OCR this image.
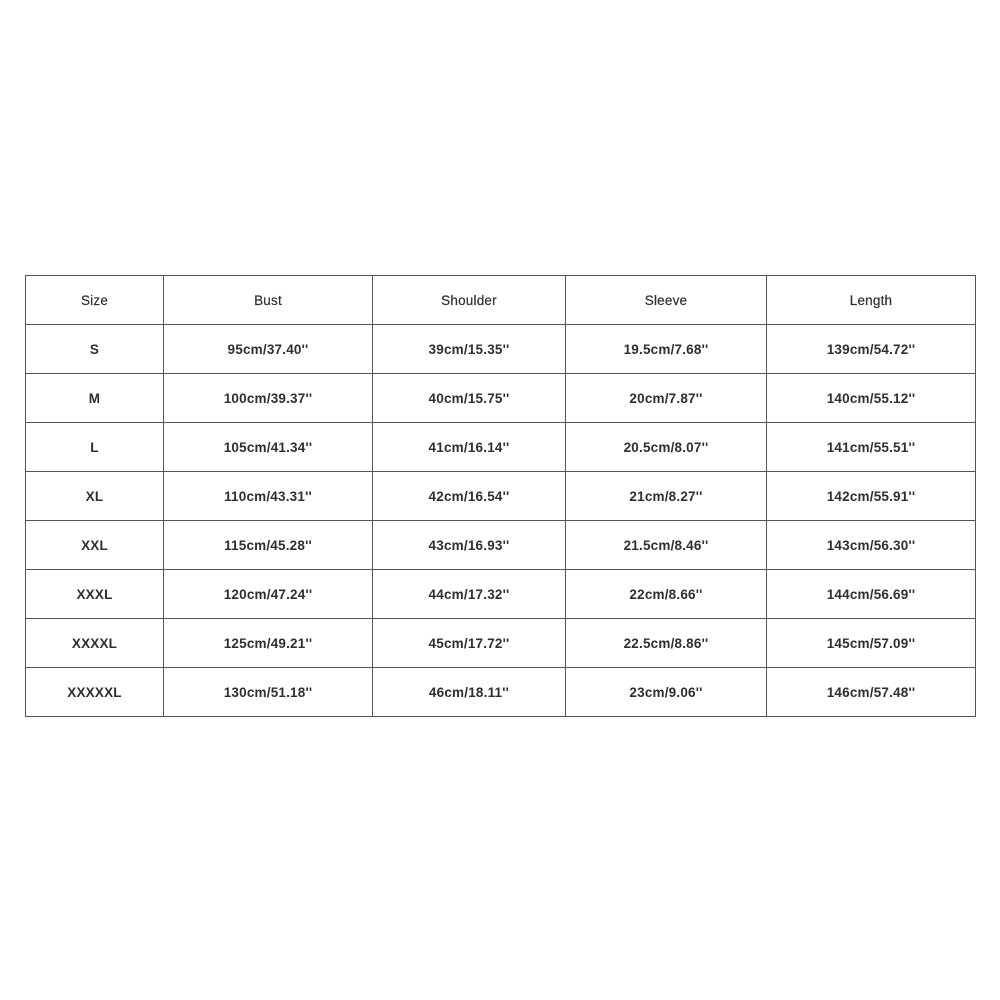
Size	Bust	Shoulder	Sleeve	Length
S	95cm/37.40''	39cm/15.35''	19.5cm/7.68''	139cm/54.72''
M	100cm/39.37''	40cm/15.75''	20cm/7.87''	140cm/55.12''
L	105cm/41.34''	41cm/16.14''	20.5cm/8.07''	141cm/55.51''
XL	110cm/43.31''	42cm/16.54''	21cm/8.27''	142cm/55.91''
XXL	115cm/45.28''	43cm/16.93''	21.5cm/8.46''	143cm/56.30''
XXXL	120cm/47.24''	44cm/17.32''	22cm/8.66''	144cm/56.69''
XXXXL	125cm/49.21''	45cm/17.72''	22.5cm/8.86''	145cm/57.09''
XXXXXL	130cm/51.18''	46cm/18.11''	23cm/9.06''	146cm/57.48''
